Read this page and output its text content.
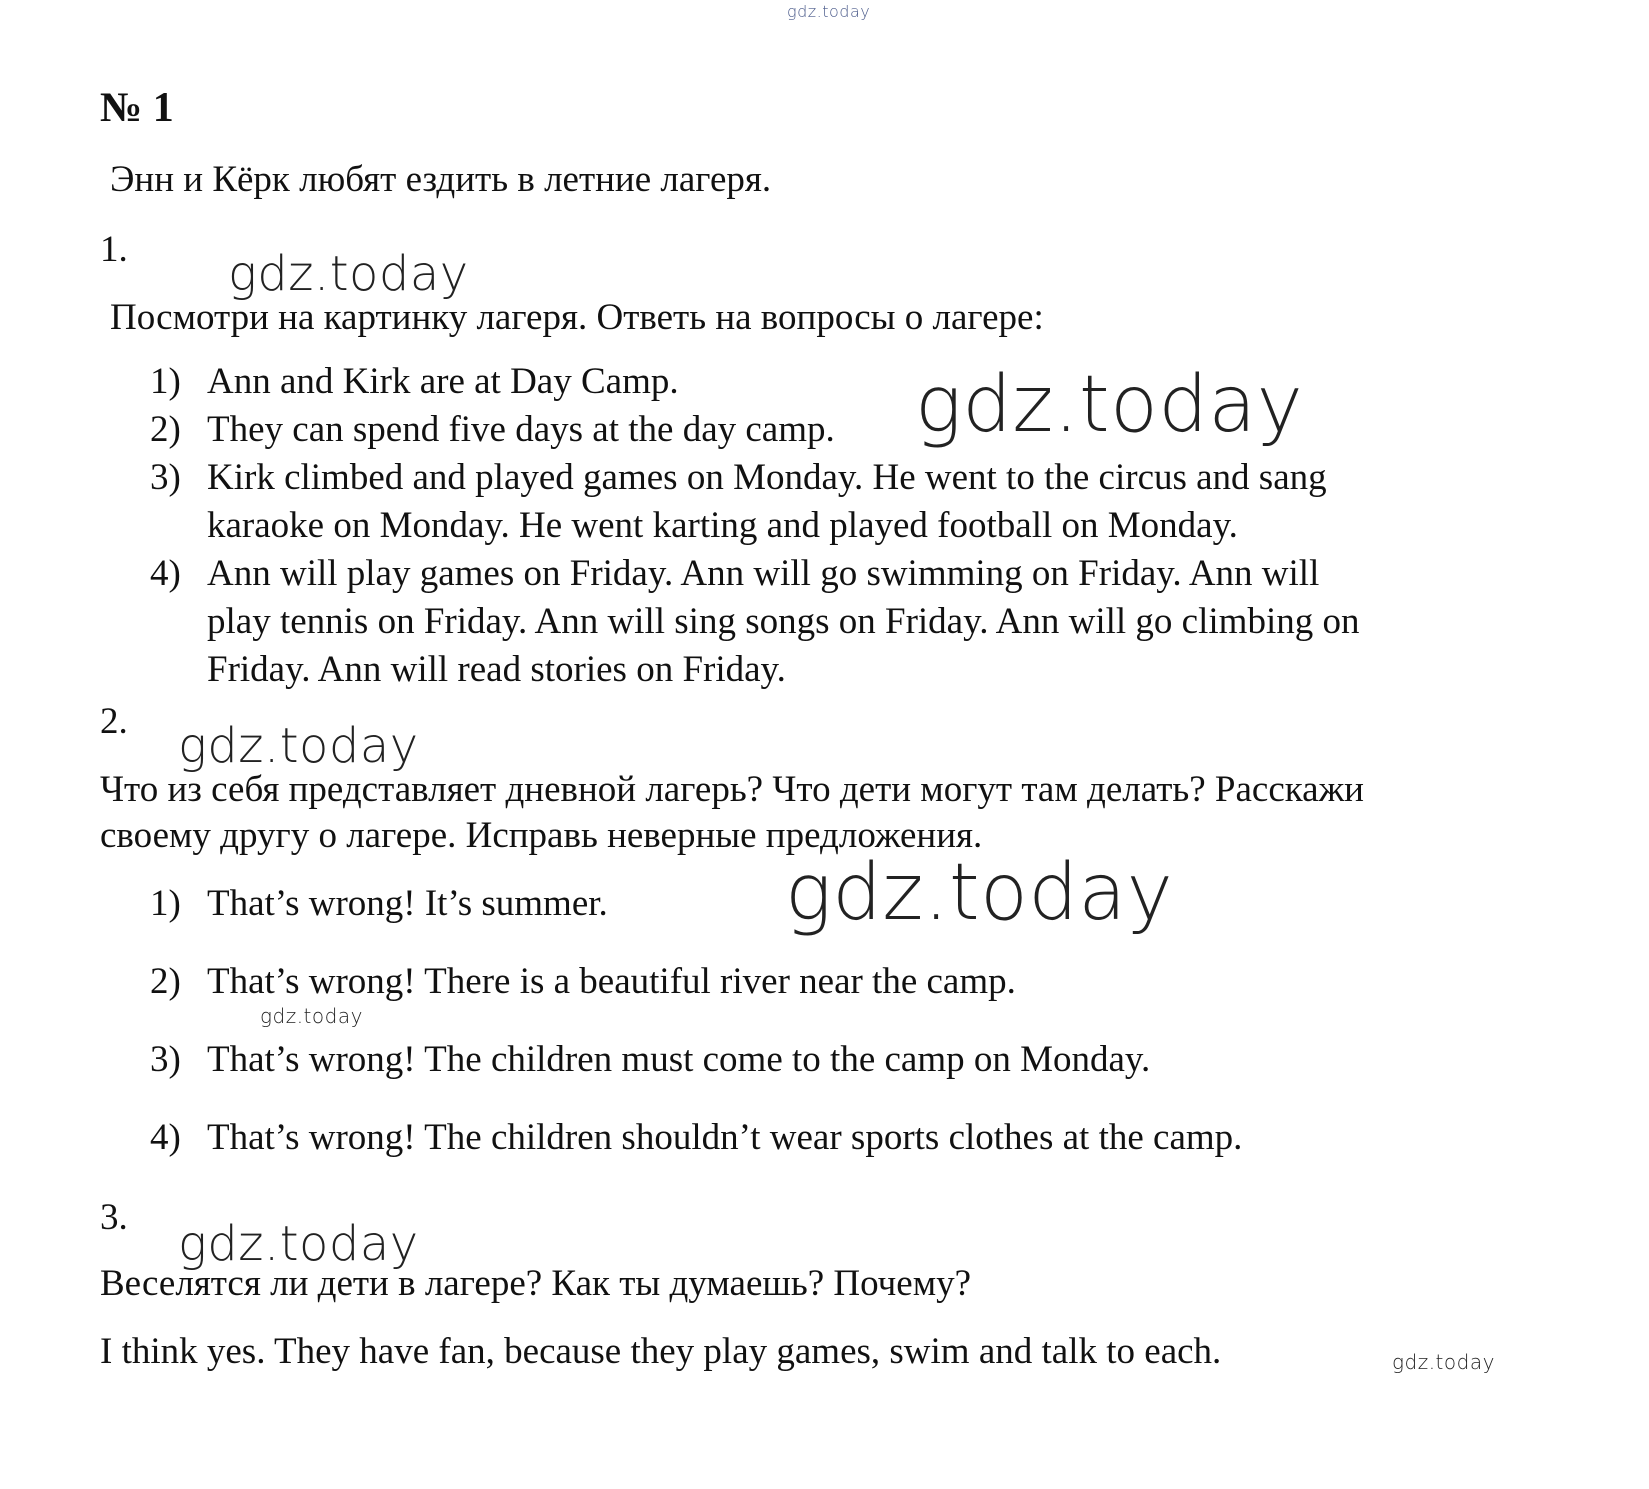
gdz.today
№ 1
Энн и Кёрк любят ездить в летние лагеря.
1. gdz.today
Посмотри на картинку лагеря. Ответь на вопросы о лагере:
1) Ann and Kirk are at Day Camp.	gdz.today
2) They can spend five days at the day camp.
3) Kirk climbed and played games on Monday. He went to the circus and sang
karaoke on Monday. He went karting and played football on Monday.
4) Ann will play games on Friday. Ann will go swimming on Friday. Ann will
play tennis on Friday. Ann will sing songs on Friday. Ann will go climbing on
Friday. Ann will read stories on Friday.
2. gdz.today
Что из себя представляет дневной лагерь? Что дети могут там делать? Расскажи
своему другу о лагере. Исправь неверные предложения.
1) That’s wrong! It’s summer. gdz.today
2) That’s wrong! There is a beautiful river near the camp.
gdz.today
3) That’s wrong! The children must come to the camp on Monday.
4) That’s wrong! The children shouldn’t wear sports clothes at the camp.
3. gdz.today
Веселятся ли дети в лагере? Как ты думаешь? Почему?
I think yes. They have fan, because they play games, swim and talk to each.	gdz.today
